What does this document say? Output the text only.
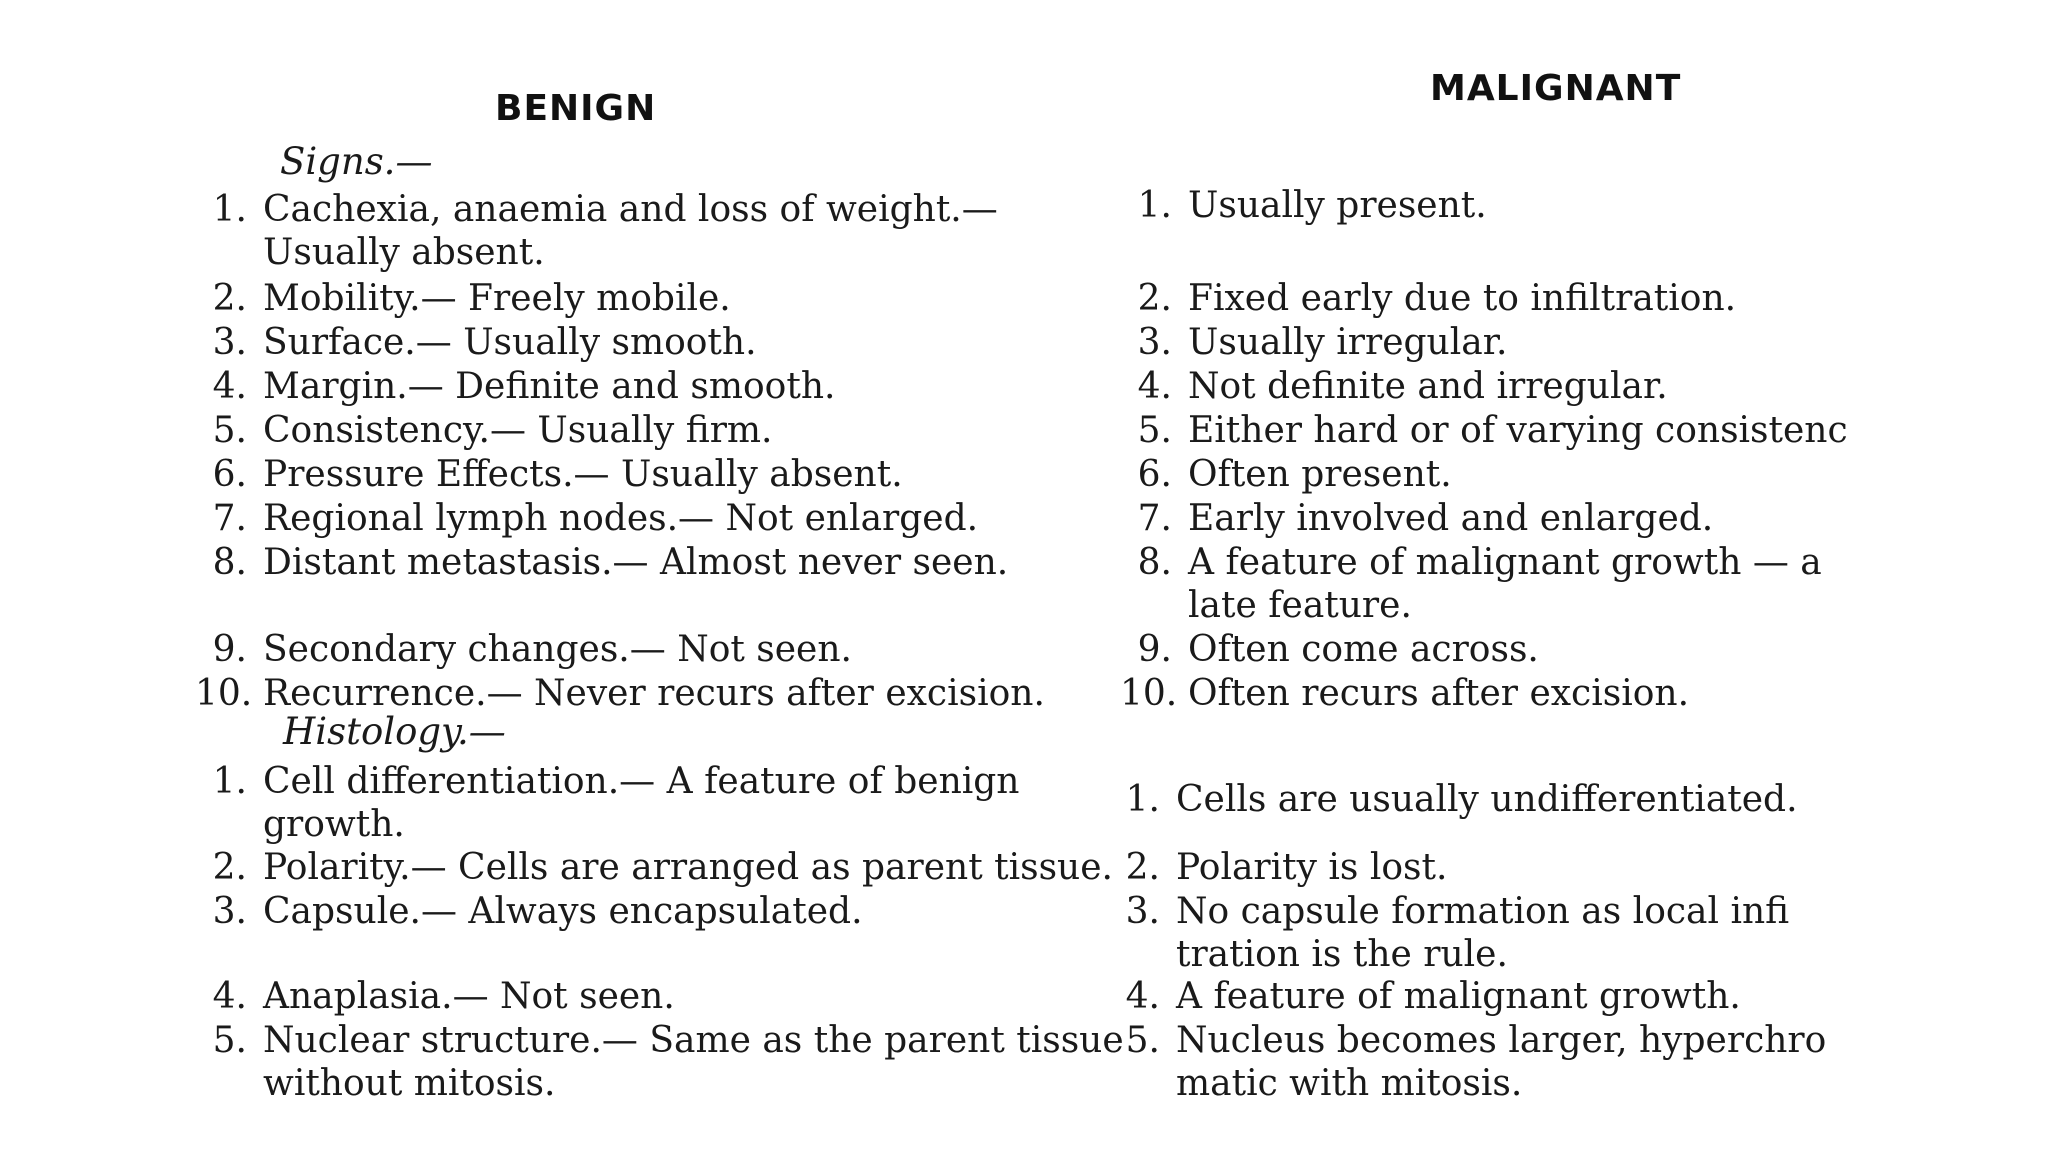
BENIGN	MALIGNANT
Signs.—
Histology.—
1. Cachexia, anaemia and loss of weight.—
Usually absent.
2. Mobility.— Freely mobile.
3. Surface.— Usually smooth.
4. Margin.— Definite and smooth.
5. Consistency.— Usually firm.
6. Pressure Effects.— Usually absent.
7. Regional lymph nodes.— Not enlarged.
8. Distant metastasis.— Almost never seen.
9. Secondary changes.— Not seen.
10. Recurrence.— Never recurs after excision.
1. Usually present.
2. Fixed early due to infiltration.
3. Usually irregular.
4. Not definite and irregular.
5. Either hard or of varying consistenc
6. Often present.
7. Early involved and enlarged.
8. A feature of malignant growth — a
late feature.
9. Often come across.
10. Often recurs after excision.
1. Cell differentiation.— A feature of benign
growth.
2. Polarity.— Cells are arranged as parent tissue.
3. Capsule.— Always encapsulated.
4. Anaplasia.— Not seen.
5. Nuclear structure.— Same as the parent tissue
without mitosis.
1. Cells are usually undifferentiated.
2. Polarity is lost.
3. No capsule formation as local infi
tration is the rule.
4. A feature of malignant growth.
5. Nucleus becomes larger, hyperchro
matic with mitosis.
